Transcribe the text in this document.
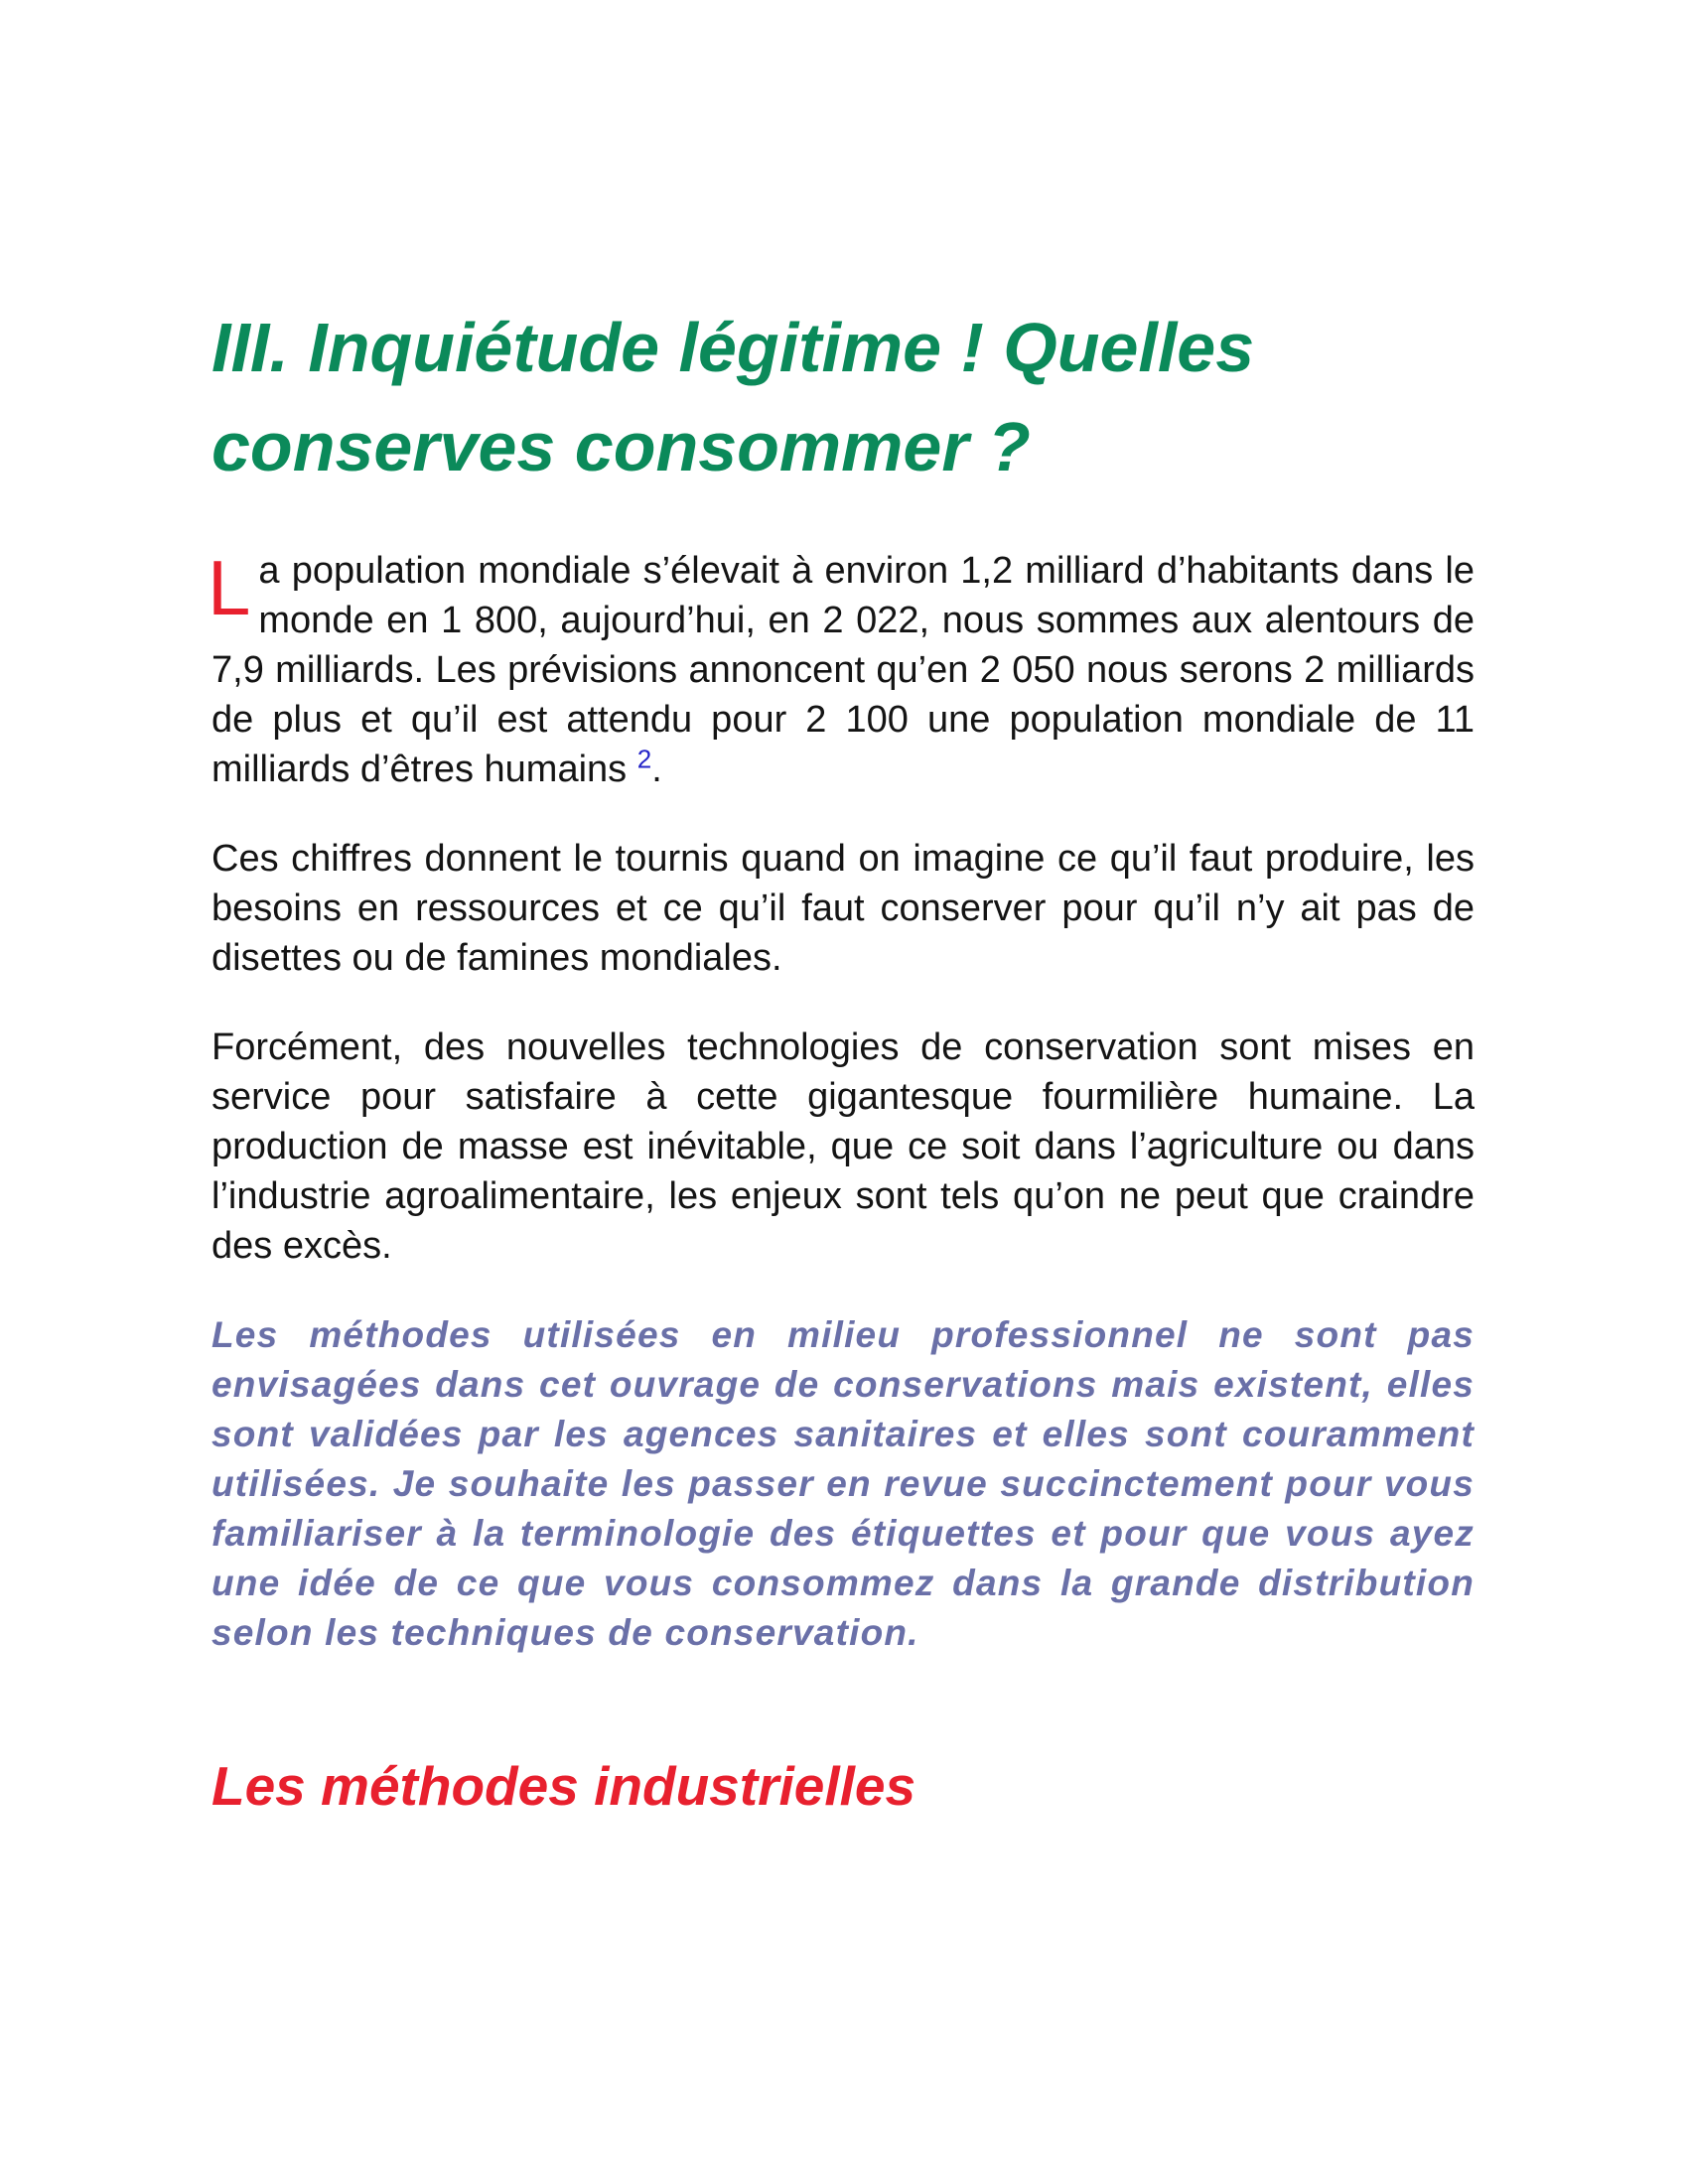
III. Inquiétude légitime ! Quelles conserves consommer ?

La population mondiale s’élevait à environ 1,2 milliard d’habitants dans le monde en 1 800, aujourd’hui, en 2 022, nous sommes aux alentours de 7,9 milliards. Les prévisions annoncent qu’en 2 050 nous serons 2 milliards de plus et qu’il est attendu pour 2 100 une population mondiale de 11 milliards d’êtres humains $^2$.

Ces chiffres donnent le tournis quand on imagine ce qu’il faut produire, les besoins en ressources et ce qu’il faut conserver pour qu’il n’y ait pas de disettes ou de famines mondiales.

Forcément, des nouvelles technologies de conservation sont mises en service pour satisfaire à cette gigantesque fourmilière humaine. La production de masse est inévitable, que ce soit dans l’agriculture ou dans l’industrie agroalimentaire, les enjeux sont tels qu’on ne peut que craindre des excès.

Les méthodes utilisées en milieu professionnel ne sont pas envisagées dans cet ouvrage de conservations mais existent, elles sont validées par les agences sanitaires et elles sont couramment utilisées. Je souhaite les passer en revue succinctement pour vous familiariser à la terminologie des étiquettes et pour que vous ayez une idée de ce que vous consommez dans la grande distribution selon les techniques de conservation.

Les méthodes industrielles
